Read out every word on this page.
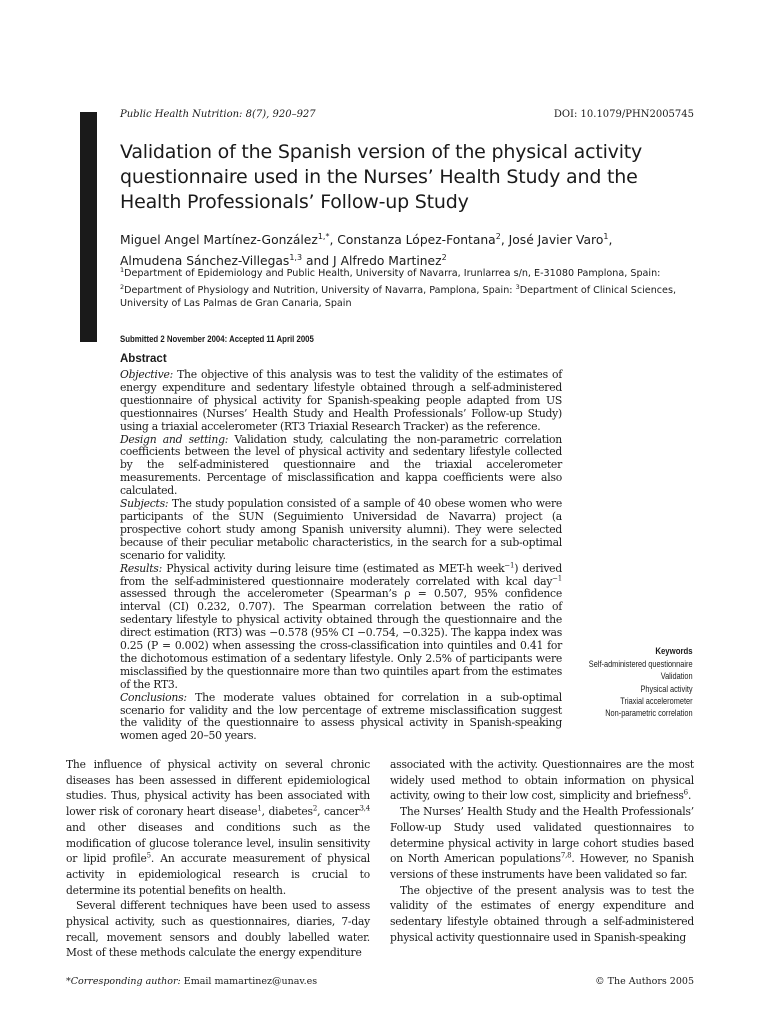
Public Health Nutrition: 8(7), 920–927	DOI: 10.1079/PHN2005745
Validation of the Spanish version of the physical activity questionnaire used in the Nurses’ Health Study and the Health Professionals’ Follow-up Study
Miguel Angel Martínez-González$^{1,*}$, Constanza López-Fontana$^2$, José Javier Varo$^1$,
Almudena Sánchez-Villegas$^{1,3}$ and J Alfredo Martinez$^2$
$^1$Department of Epidemiology and Public Health, University of Navarra, Irunlarrea s/n, E-31080 Pamplona, Spain:
$^2$Department of Physiology and Nutrition, University of Navarra, Pamplona, Spain: $^3$Department of Clinical Sciences, University of Las Palmas de Gran Canaria, Spain
Submitted 2 November 2004: Accepted 11 April 2005
Abstract

Objective: The objective of this analysis was to test the validity of the estimates of energy expenditure and sedentary lifestyle obtained through a self-administered questionnaire of physical activity for Spanish-speaking people adapted from US questionnaires (Nurses’ Health Study and Health Professionals’ Follow-up Study) using a triaxial accelerometer (RT3 Triaxial Research Tracker) as the reference.

Design and setting: Validation study, calculating the non-parametric correlation coefficients between the level of physical activity and sedentary lifestyle collected by the self-administered questionnaire and the triaxial accelerometer measurements. Percentage of misclassification and kappa coefficients were also calculated.

Subjects: The study population consisted of a sample of 40 obese women who were participants of the SUN (Seguimiento Universidad de Navarra) project (a prospective cohort study among Spanish university alumni). They were selected because of their peculiar metabolic characteristics, in the search for a sub-optimal scenario for validity.

Results: Physical activity during leisure time (estimated as MET-h week$^{-1}$) derived from the self-administered questionnaire moderately correlated with kcal day$^{-1}$ assessed through the accelerometer (Spearman’s ρ = 0.507, 95% confidence interval (CI) 0.232, 0.707). The Spearman correlation between the ratio of sedentary lifestyle to physical activity obtained through the questionnaire and the direct estimation (RT3) was −0.578 (95% CI −0.754, −0.325). The kappa index was 0.25 (P = 0.002) when assessing the cross-classification into quintiles and 0.41 for the dichotomous estimation of a sedentary lifestyle. Only 2.5% of participants were misclassified by the questionnaire more than two quintiles apart from the estimates of the RT3.

Conclusions: The moderate values obtained for correlation in a sub-optimal scenario for validity and the low percentage of extreme misclassification suggest the validity of the questionnaire to assess physical activity in Spanish-speaking women aged 20–50 years.

Keywords
Self-administered questionnaire
Validation
Physical activity
Triaxial accelerometer
Non-parametric correlation

The influence of physical activity on several chronic diseases has been assessed in different epidemiological studies. Thus, physical activity has been associated with lower risk of coronary heart disease$^1$, diabetes$^2$, cancer$^{3,4}$ and other diseases and conditions such as the modification of glucose tolerance level, insulin sensitivity or lipid profile$^5$. An accurate measurement of physical activity in epidemiological research is crucial to determine its potential benefits on health.

Several different techniques have been used to assess physical activity, such as questionnaires, diaries, 7-day recall, movement sensors and doubly labelled water. Most of these methods calculate the energy expenditure

associated with the activity. Questionnaires are the most widely used method to obtain information on physical activity, owing to their low cost, simplicity and briefness$^6$.

The Nurses’ Health Study and the Health Professionals’ Follow-up Study used validated questionnaires to determine physical activity in large cohort studies based on North American populations$^{7,8}$. However, no Spanish versions of these instruments have been validated so far.

The objective of the present analysis was to test the validity of the estimates of energy expenditure and sedentary lifestyle obtained through a self-administered physical activity questionnaire used in Spanish-speaking

*Corresponding author: Email mamartinez@unav.es	© The Authors 2005
